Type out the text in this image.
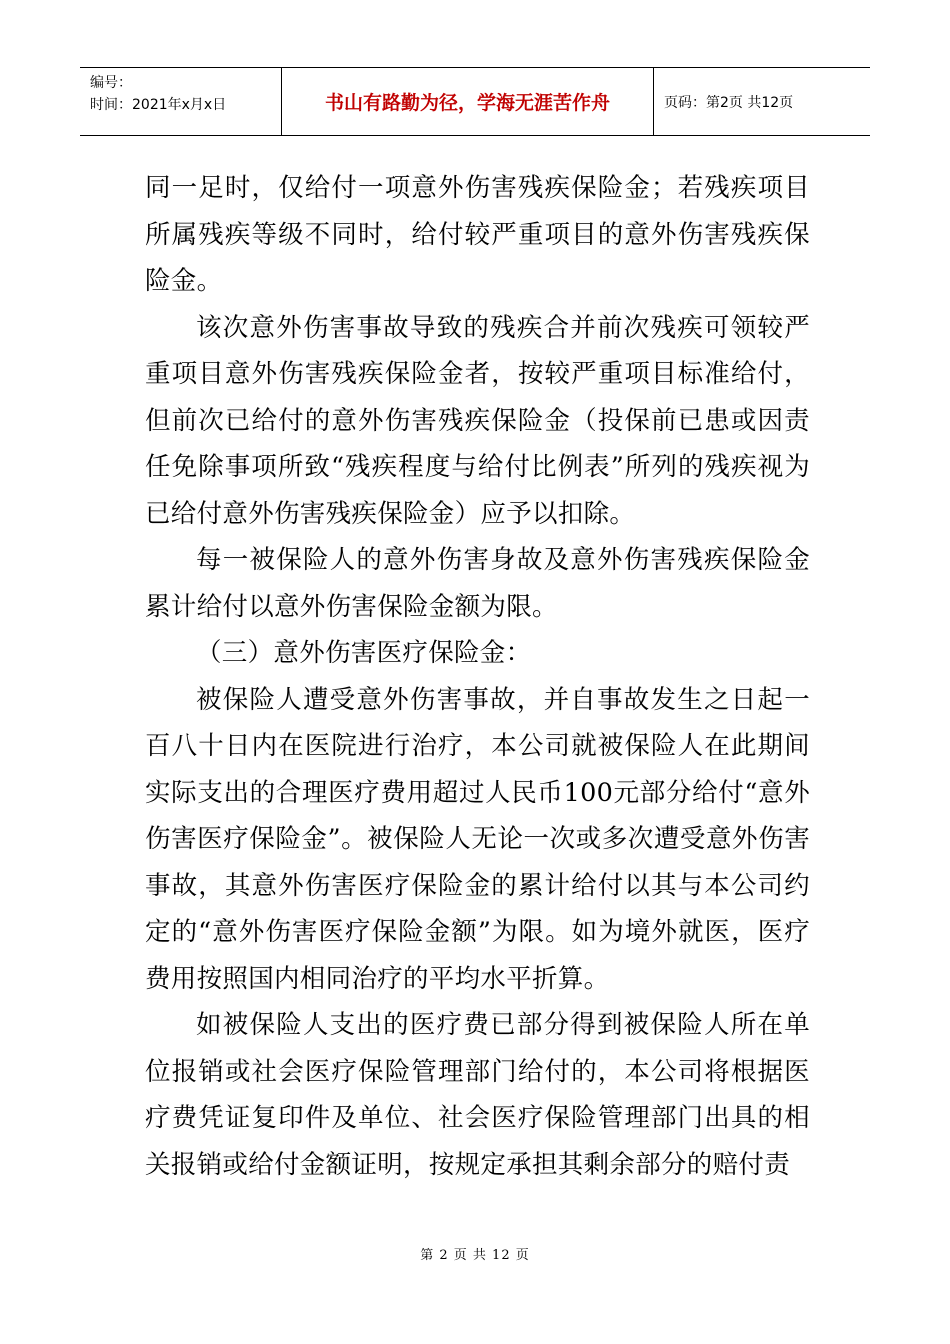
编号：
时间：2021年x月x日	书山有路勤为径，学海无涯苦作舟	页码：第2页 共12页

同一足时，仅给付一项意外伤害残疾保险金；若残疾项目所属残疾等级不同时，给付较严重项目的意外伤害残疾保险金。

该次意外伤害事故导致的残疾合并前次残疾可领较严重项目意外伤害残疾保险金者，按较严重项目标准给付，但前次已给付的意外伤害残疾保险金（投保前已患或因责任免除事项所致“残疾程度与给付比例表”所列的残疾视为已给付意外伤害残疾保险金）应予以扣除。

每一被保险人的意外伤害身故及意外伤害残疾保险金累计给付以意外伤害保险金额为限。

（三）意外伤害医疗保险金：

被保险人遭受意外伤害事故，并自事故发生之日起一百八十日内在医院进行治疗，本公司就被保险人在此期间实际支出的合理医疗费用超过人民币100元部分给付“意外伤害医疗保险金”。被保险人无论一次或多次遭受意外伤害事故，其意外伤害医疗保险金的累计给付以其与本公司约定的“意外伤害医疗保险金额”为限。如为境外就医，医疗费用按照国内相同治疗的平均水平折算。

如被保险人支出的医疗费已部分得到被保险人所在单位报销或社会医疗保险管理部门给付的，本公司将根据医疗费凭证复印件及单位、社会医疗保险管理部门出具的相关报销或给付金额证明，按规定承担其剩余部分的赔付责

第 2 页 共 12 页
